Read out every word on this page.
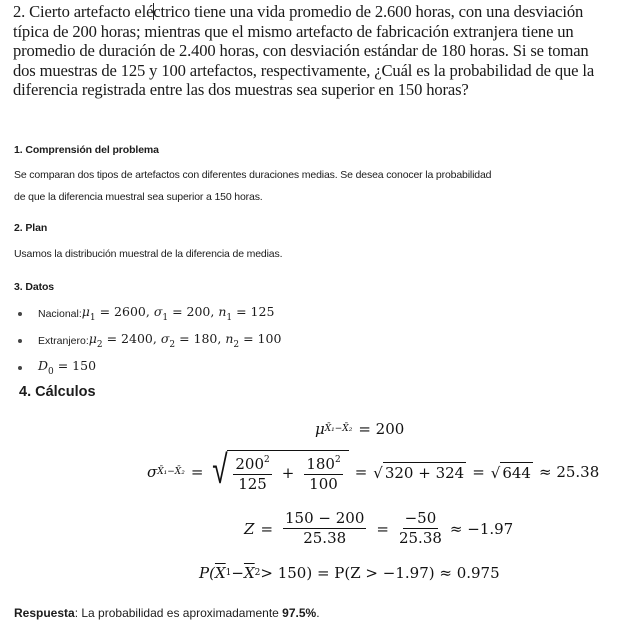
2. Cierto artefacto eléctrico tiene una vida promedio de 2.600 horas, con una desviación típica de 200 horas; mientras que el mismo artefacto de fabricación extranjera tiene un promedio de duración de 2.400 horas, con desviación estándar de 180 horas. Si se toman dos muestras de 125 y 100 artefactos, respectivamente, ¿Cuál es la probabilidad de que la diferencia registrada entre las dos muestras sea superior en 150 horas?
1. Comprensión del problema
Se comparan dos tipos de artefactos con diferentes duraciones medias. Se desea conocer la probabilidad
de que la diferencia muestral sea superior a 150 horas.
2. Plan
Usamos la distribución muestral de la diferencia de medias.
3. Datos
Nacional: $\mu_1 = 2600$, $\sigma_1 = 200$, $n_1 = 125$
Extranjero: $\mu_2 = 2400$, $\sigma_2 = 180$, $n_2 = 100$
$D_0 = 150$
4. Cálculos
μ X̄₁−X̄₂ = 200
σ X̄₁−X̄₂ = √ $\frac{200^2}{125} + \frac{180^2}{100}$ = √ 320 + 324 = √ 644 ≈ 25.38
$Z = \frac{150 - 200}{25.38} = \frac{-50}{25.38} \approx -1.97$
P( $\overline{X}$ $1 - \overline{X}$ 2 > 150) = P(Z > −1.97) ≈ 0.975
Respuesta: La probabilidad es aproximadamente 97.5%.
